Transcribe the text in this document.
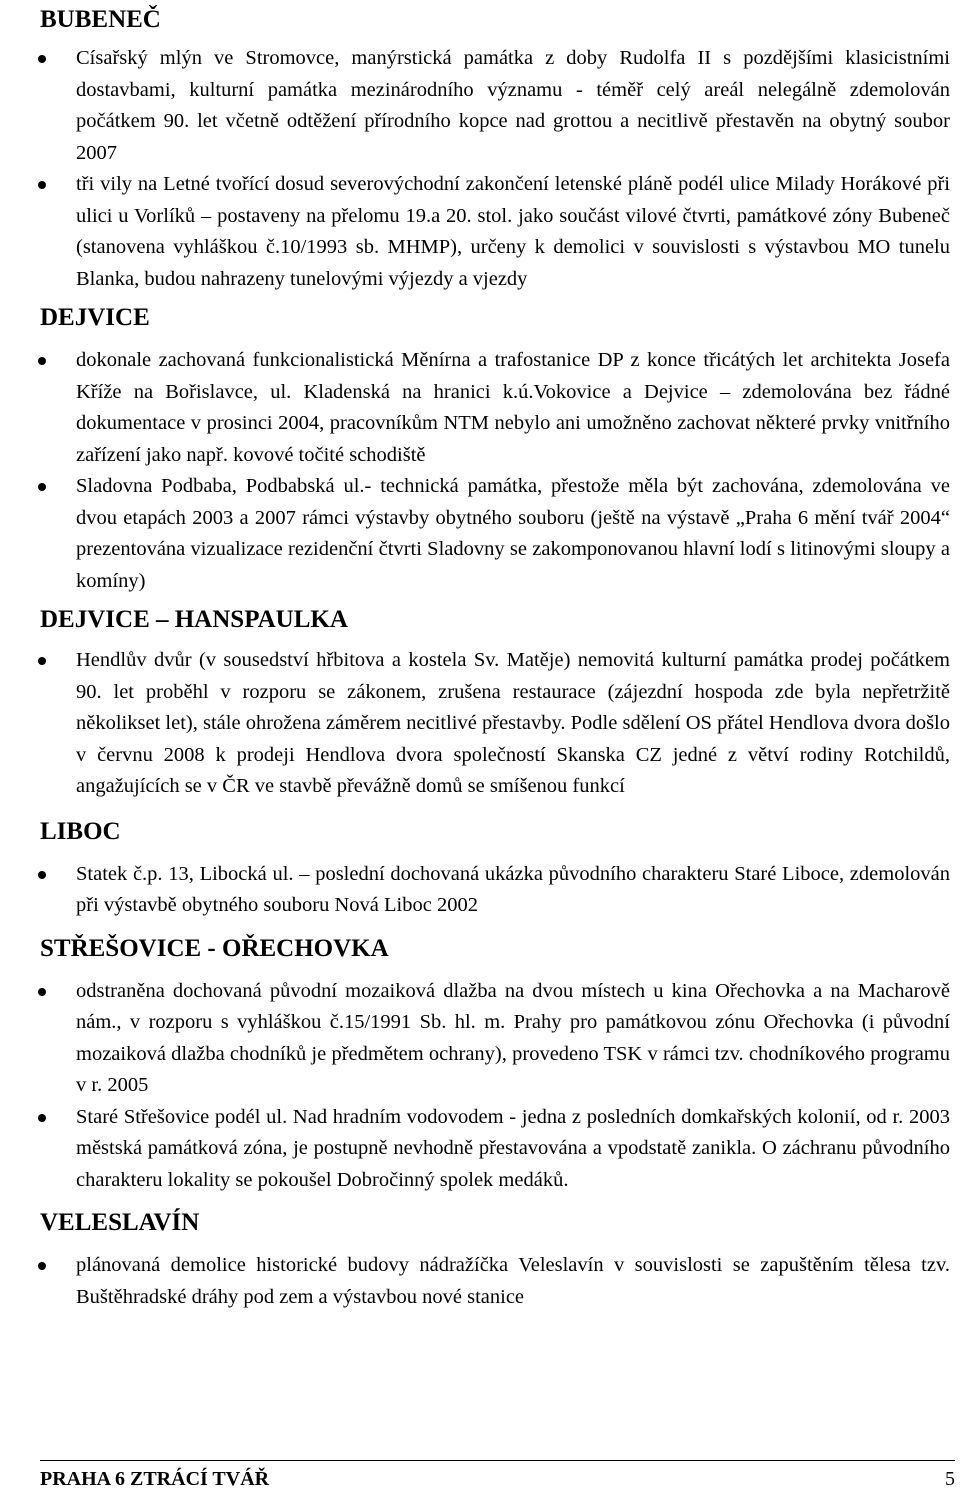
BUBENEČ
Císařský mlýn ve Stromovce, manýrstická památka z doby Rudolfa II s pozdějšími klasicistními dostavbami, kulturní památka mezinárodního významu - téměř celý areál nelegálně zdemolován počátkem 90. let včetně odtěžení přírodního kopce nad grottou a necitlivě přestavěn na obytný soubor 2007
tři vily na Letné tvořící dosud severovýchodní zakončení letenské pláně podél ulice Milady Horákové při ulici u Vorlíků – postaveny na přelomu 19.a 20. stol. jako součást vilové čtvrti, památkové zóny Bubeneč (stanovena vyhláškou č.10/1993 sb. MHMP), určeny k demolici v souvislosti s výstavbou MO tunelu Blanka, budou nahrazeny tunelovými výjezdy a vjezdy
DEJVICE
dokonale zachovaná funkcionalistická Měnírna a trafostanice DP z konce třicátých let architekta Josefa Kříže na Bořislavce, ul. Kladenská na hranici k.ú.Vokovice a Dejvice – zdemolována bez řádné dokumentace v prosinci 2004, pracovníkům NTM nebylo ani umožněno zachovat některé prvky vnitřního zařízení jako např. kovové točité schodiště
Sladovna Podbaba, Podbabská ul.- technická památka, přestože měla být zachována, zdemolována ve dvou etapách 2003 a 2007 rámci výstavby obytného souboru (ještě na výstavě „Praha 6 mění tvář 2004“ prezentována vizualizace rezidenční čtvrti Sladovny se zakomponovanou hlavní lodí s litinovými sloupy a komíny)
DEJVICE – HANSPAULKA
Hendlův dvůr (v sousedství hřbitova a kostela Sv. Matěje) nemovitá kulturní památka prodej počátkem 90. let proběhl v rozporu se zákonem, zrušena restaurace (zájezdní hospoda zde byla nepřetržitě několikset let), stále ohrožena záměrem necitlivé přestavby. Podle sdělení OS přátel Hendlova dvora došlo v červnu 2008 k prodeji Hendlova dvora společností Skanska CZ jedné z větví rodiny Rotchildů, angažujících se v ČR ve stavbě převážně domů se smíšenou funkcí
LIBOC
Statek č.p. 13, Libocká ul. – poslední dochovaná ukázka původního charakteru Staré Liboce, zdemolován při výstavbě obytného souboru Nová Liboc 2002
STŘEŠOVICE - OŘECHOVKA
odstraněna dochovaná původní mozaiková dlažba na dvou místech u kina Ořechovka a na Macharově nám., v rozporu s vyhláškou č.15/1991 Sb. hl. m. Prahy pro památkovou zónu Ořechovka (i původní mozaiková dlažba chodníků je předmětem ochrany), provedeno TSK v rámci tzv. chodníkového programu v r. 2005
Staré Střešovice podél ul. Nad hradním vodovodem - jedna z posledních domkařských kolonií, od r. 2003 městská památková zóna, je postupně nevhodně přestavována a vpodstatě zanikla. O záchranu původního charakteru lokality se pokoušel Dobročinný spolek medáků.
VELESLAVÍN
plánovaná demolice historické budovy nádražíčka Veleslavín v souvislosti se zapuštěním tělesa tzv. Buštěhradské dráhy pod zem a výstavbou nové stanice
PRAHA 6 ZTRÁCÍ TVÁŘ	5
